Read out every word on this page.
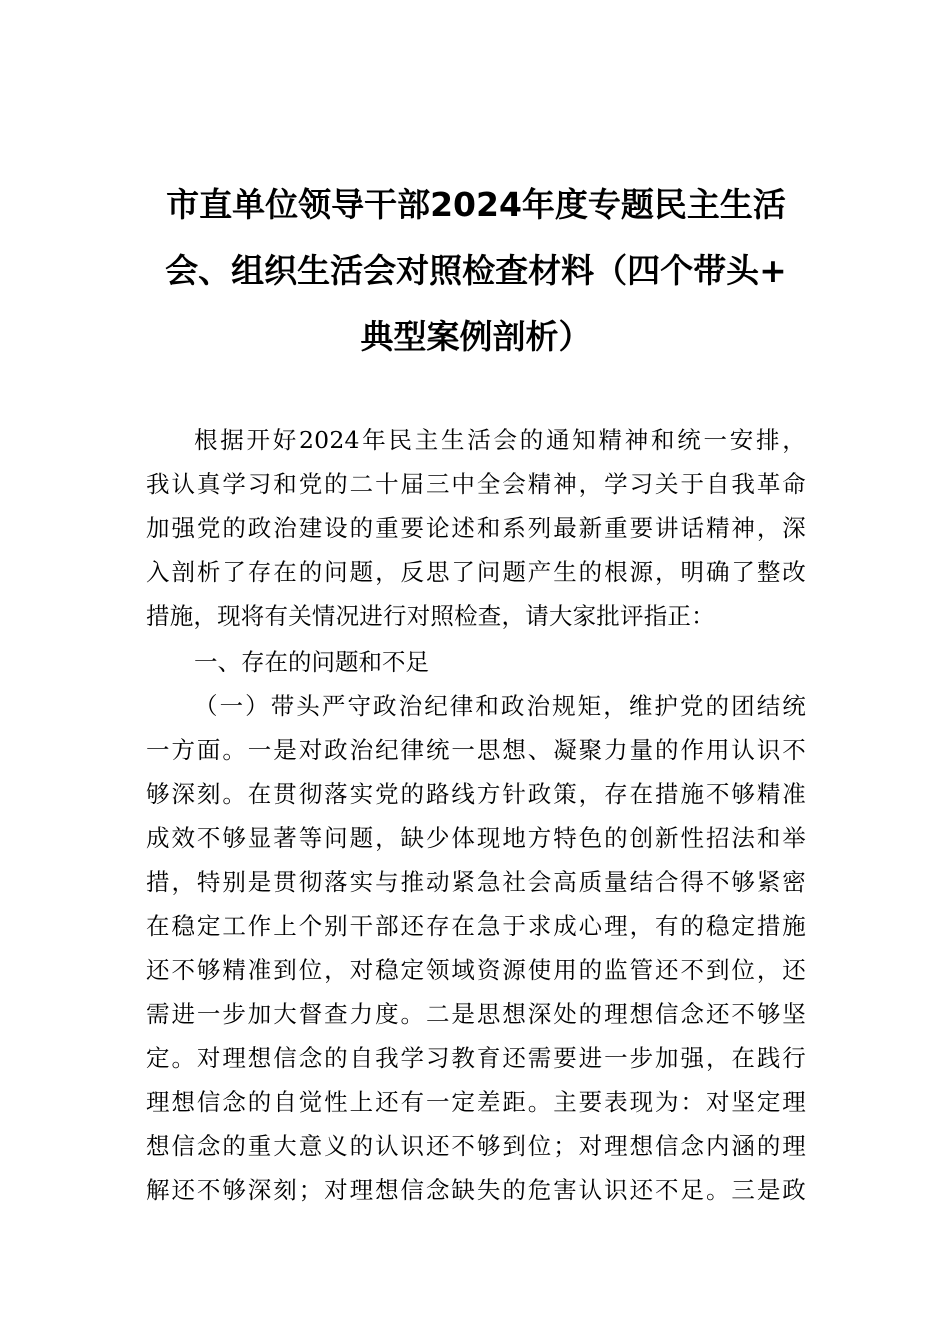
市直单位领导干部2024年度专题民主生活
会、组织生活会对照检查材料（四个带头+
典型案例剖析）
根据开好2024年民主生活会的通知精神和统一安排，
我认真学习和党的二十届三中全会精神，学习关于自我革命
加强党的政治建设的重要论述和系列最新重要讲话精神，深
入剖析了存在的问题，反思了问题产生的根源，明确了整改
措施，现将有关情况进行对照检查，请大家批评指正：
一、存在的问题和不足
（一）带头严守政治纪律和政治规矩，维护党的团结统
一方面。一是对政治纪律统一思想、凝聚力量的作用认识不
够深刻。在贯彻落实党的路线方针政策，存在措施不够精准
成效不够显著等问题，缺少体现地方特色的创新性招法和举
措，特别是贯彻落实与推动紧急社会高质量结合得不够紧密
在稳定工作上个别干部还存在急于求成心理，有的稳定措施
还不够精准到位，对稳定领域资源使用的监管还不到位，还
需进一步加大督查力度。二是思想深处的理想信念还不够坚
定。对理想信念的自我学习教育还需要进一步加强，在践行
理想信念的自觉性上还有一定差距。主要表现为：对坚定理
想信念的重大意义的认识还不够到位；对理想信念内涵的理
解还不够深刻；对理想信念缺失的危害认识还不足。三是政
